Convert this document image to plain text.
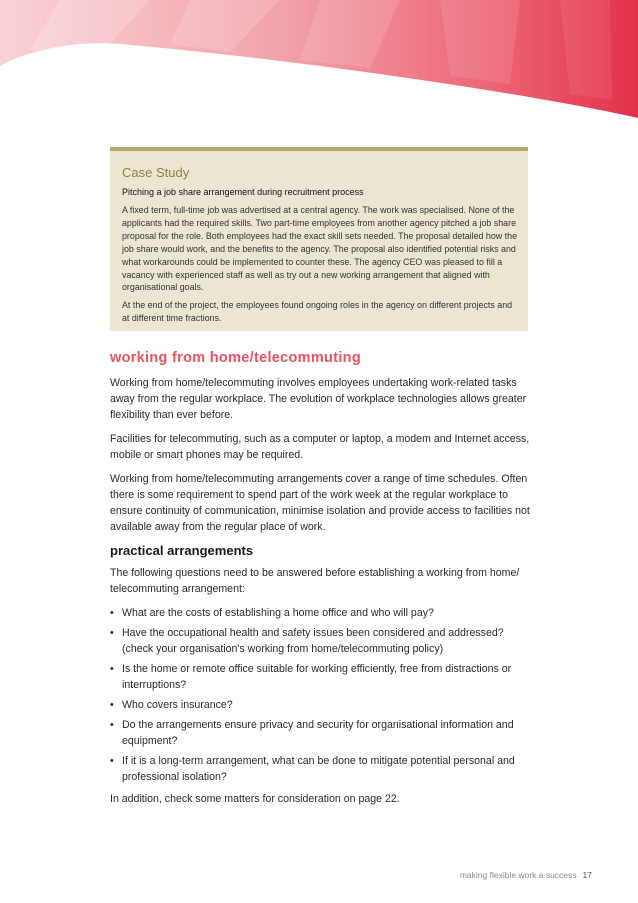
Case Study
Pitching a job share arrangement during recruitment process

A fixed term, full-time job was advertised at a central agency. The work was specialised. None of the applicants had the required skills. Two part-time employees from another agency pitched a job share proposal for the role. Both employees had the exact skill sets needed. The proposal detailed how the job share would work, and the benefits to the agency. The proposal also identified potential risks and what workarounds could be implemented to counter these. The agency CEO was pleased to fill a vacancy with experienced staff as well as try out a new working arrangement that aligned with organisational goals.

At the end of the project, the employees found ongoing roles in the agency on different projects and at different time fractions.

working from home/telecommuting

Working from home/telecommuting involves employees undertaking work-related tasks away from the regular workplace. The evolution of workplace technologies allows greater flexibility than ever before.

Facilities for telecommuting, such as a computer or laptop, a modem and Internet access, mobile or smart phones may be required.

Working from home/telecommuting arrangements cover a range of time schedules. Often there is some requirement to spend part of the work week at the regular workplace to ensure continuity of communication, minimise isolation and provide access to facilities not available away from the regular place of work.

practical arrangements

The following questions need to be answered before establishing a working from home/ telecommuting arrangement:

• What are the costs of establishing a home office and who will pay?
• Have the occupational health and safety issues been considered and addressed? (check your organisation's working from home/telecommuting policy)
• Is the home or remote office suitable for working efficiently, free from distractions or interruptions?
• Who covers insurance?
• Do the arrangements ensure privacy and security for organisational information and equipment?
• If it is a long-term arrangement, what can be done to mitigate potential personal and professional isolation?

In addition, check some matters for consideration on page 22.

making flexible work a success 17
